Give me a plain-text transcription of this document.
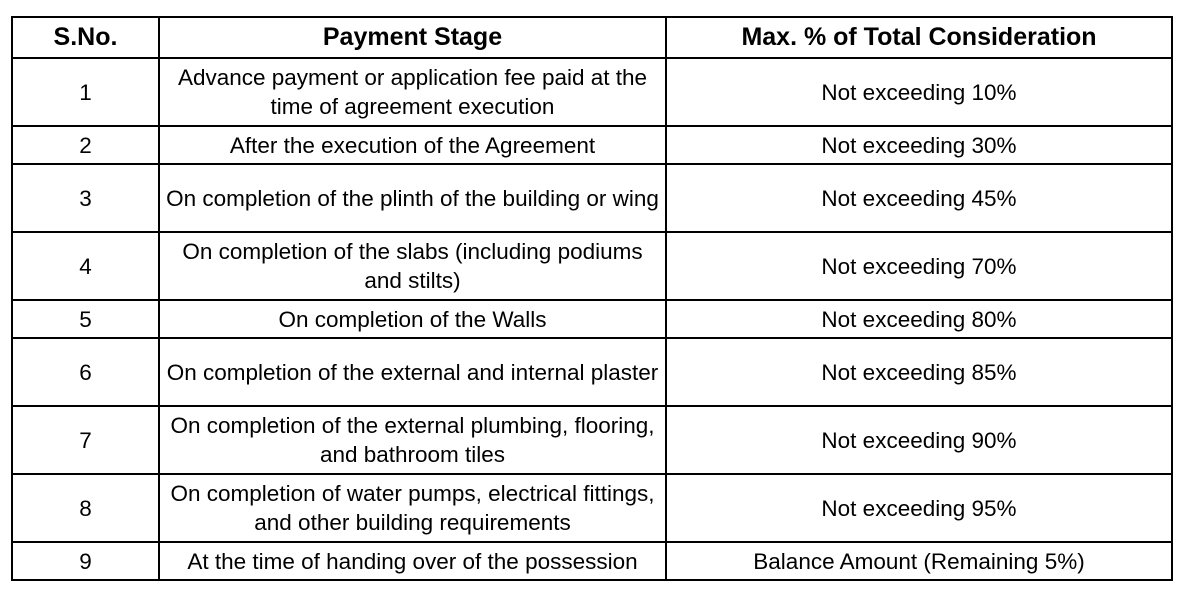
S.No.	Payment Stage	Max. % of Total Consideration
1	Advance payment or application fee paid at the time of agreement execution	Not exceeding 10%
2	After the execution of the Agreement	Not exceeding 30%
3	On completion of the plinth of the building or wing	Not exceeding 45%
4	On completion of the slabs (including podiums and stilts)	Not exceeding 70%
5	On completion of the Walls	Not exceeding 80%
6	On completion of the external and internal plaster	Not exceeding 85%
7	On completion of the external plumbing, flooring, and bathroom tiles	Not exceeding 90%
8	On completion of water pumps, electrical fittings, and other building requirements	Not exceeding 95%
9	At the time of handing over of the possession	Balance Amount (Remaining 5%)
